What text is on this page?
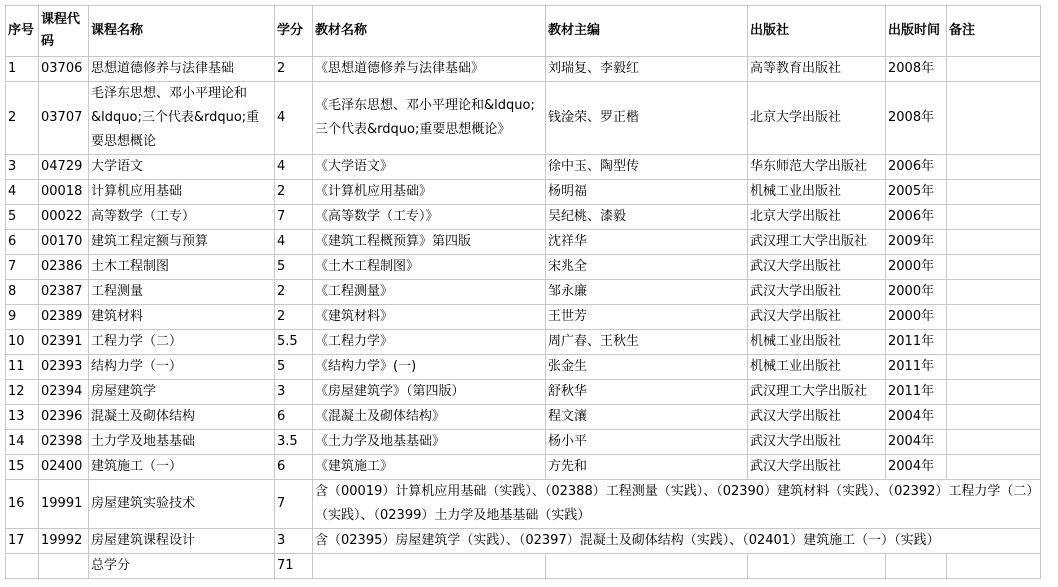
序号	课程代码	课程名称	学分	教材名称	教材主编	出版社	出版时间	备注
1	03706	思想道德修养与法律基础	2	《思想道德修养与法律基础》	刘瑞复、李毅红	高等教育出版社	2008年	
2	03707	毛泽东思想、邓小平理论和&ldquo;三个代表&rdquo;重要思想概论	4	《毛泽东思想、邓小平理论和&ldquo;三个代表&rdquo;重要思想概论》	钱淦荣、罗正楷	北京大学出版社	2008年	
3	04729	大学语文	4	《大学语文》	徐中玉、陶型传	华东师范大学出版社	2006年	
4	00018	计算机应用基础	2	《计算机应用基础》	杨明福	机械工业出版社	2005年	
5	00022	高等数学（工专）	7	《高等数学（工专）》	吴纪桃、漆毅	北京大学出版社	2006年	
6	00170	建筑工程定额与预算	4	《建筑工程概预算》第四版	沈祥华	武汉理工大学出版社	2009年	
7	02386	土木工程制图	5	《土木工程制图》	宋兆全	武汉大学出版社	2000年	
8	02387	工程测量	2	《工程测量》	邹永廉	武汉大学出版社	2000年	
9	02389	建筑材料	2	《建筑材料》	王世芳	武汉大学出版社	2000年	
10	02391	工程力学（二）	5.5	《工程力学》	周广春、王秋生	机械工业出版社	2011年	
11	02393	结构力学（一）	5	《结构力学》(一)	张金生	机械工业出版社	2011年	
12	02394	房屋建筑学	3	《房屋建筑学》（第四版）	舒秋华	武汉理工大学出版社	2011年	
13	02396	混凝土及砌体结构	6	《混凝土及砌体结构》	程文瀼	武汉大学出版社	2004年	
14	02398	土力学及地基基础	3.5	《土力学及地基基础》	杨小平	武汉大学出版社	2004年	
15	02400	建筑施工（一）	6	《建筑施工》	方先和	武汉大学出版社	2004年	
16	19991	房屋建筑实验技术	7	含（00019）计算机应用基础（实践）、（02388）工程测量（实践）、（02390）建筑材料（实践）、（02392）工程力学（二）（实践）、（02399）土力学及地基基础（实践）				
17	19992	房屋建筑课程设计	3	含（02395）房屋建筑学（实践）、（02397）混凝土及砌体结构（实践）、（02401）建筑施工（一）（实践）				
		总学分	71					
